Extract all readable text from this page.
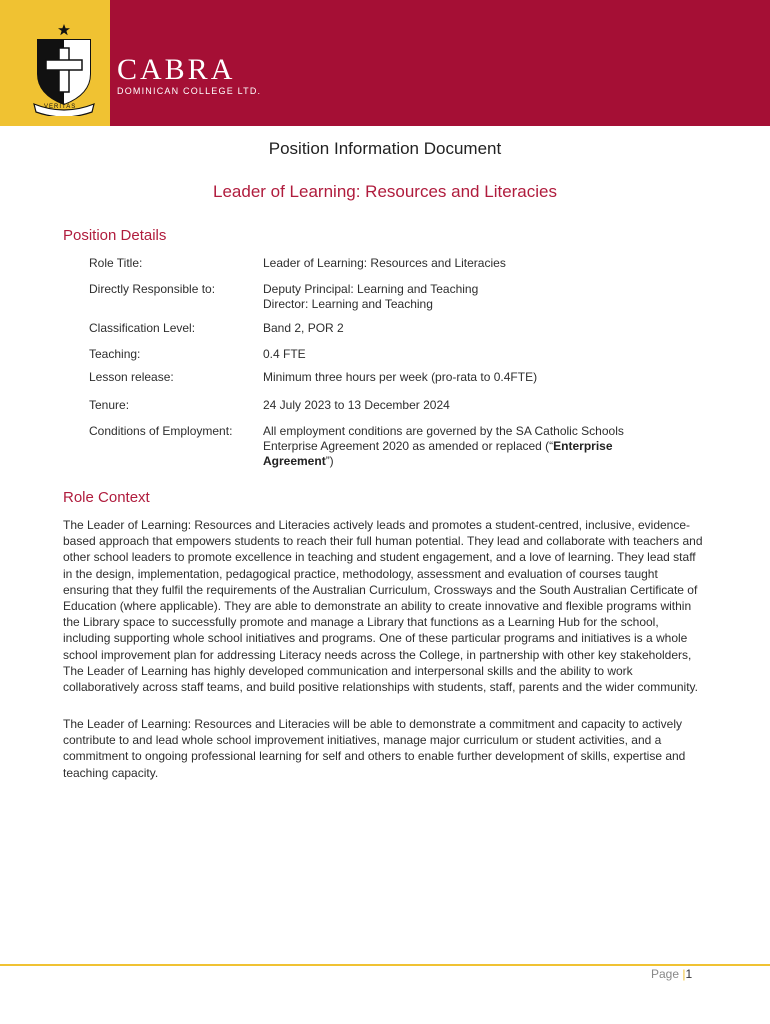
VERITAS
CABRA
DOMINICAN COLLEGE LTD.
Position Information Document
Leader of Learning: Resources and Literacies
Position Details
Role Title:	Leader of Learning: Resources and Literacies
Directly Responsible to:	Deputy Principal: Learning and Teaching
Director: Learning and Teaching
Classification Level:	Band 2, POR 2
Teaching:	0.4 FTE
Lesson release:	Minimum three hours per week (pro-rata to 0.4FTE)
Tenure:	24 July 2023 to 13 December 2024
Conditions of Employment:	All employment conditions are governed by the SA Catholic Schools Enterprise Agreement 2020 as amended or replaced (“Enterprise Agreement”)
Role Context
The Leader of Learning: Resources and Literacies actively leads and promotes a student-centred, inclusive, evidence-based approach that empowers students to reach their full human potential. They lead and collaborate with teachers and other school leaders to promote excellence in teaching and student engagement, and a love of learning. They lead staff in the design, implementation, pedagogical practice, methodology, assessment and evaluation of courses taught ensuring that they fulfil the requirements of the Australian Curriculum, Crossways and the South Australian Certificate of Education (where applicable). They are able to demonstrate an ability to create innovative and flexible programs within the Library space to successfully promote and manage a Library that functions as a Learning Hub for the school, including supporting whole school initiatives and programs. One of these particular programs and initiatives is a whole school improvement plan for addressing Literacy needs across the College, in partnership with other key stakeholders, The Leader of Learning has highly developed communication and interpersonal skills and the ability to work collaboratively across staff teams, and build positive relationships with students, staff, parents and the wider community.
The Leader of Learning: Resources and Literacies will be able to demonstrate a commitment and capacity to actively contribute to and lead whole school improvement initiatives, manage major curriculum or student activities, and a commitment to ongoing professional learning for self and others to enable further development of skills, expertise and teaching capacity.
Page |1
